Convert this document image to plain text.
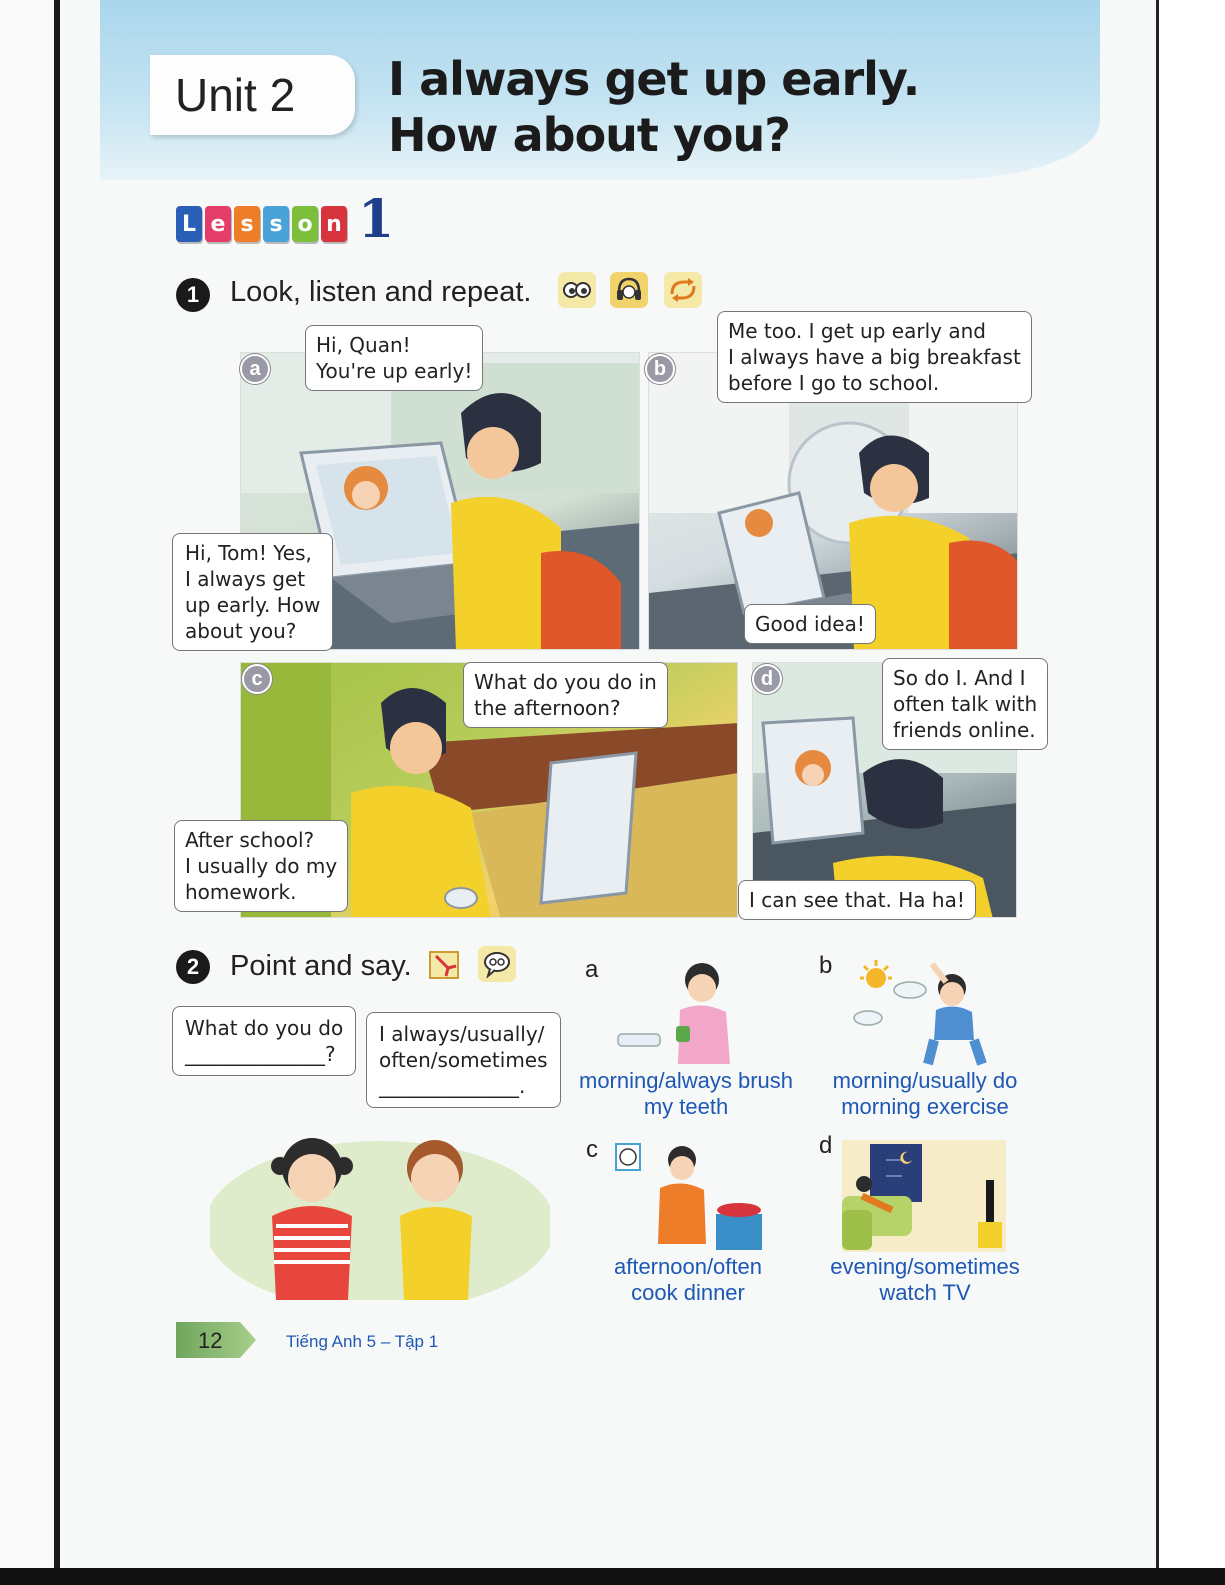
Unit 2 I always get up early.
How about you?
L e s s o n 1
1	Look, listen and repeat.
a
Hi, Quan!
You're up early!
Hi, Tom! Yes,
I always get
up early. How
about you?
b
Me too. I get up early and
I always have a big breakfast
before I go to school.
Good idea!
c	What do you do in
the afternoon?
After school?
I usually do my
homework.
d	So do I. And I
often talk with
friends online.
I can see that. Ha ha!
2	Point and say.
What do you do
______________?
I always/usually/
often/sometimes
______________.
a
morning/always brush
my teeth
b
morning/usually do
morning exercise
c
afternoon/often
cook dinner
d
evening/sometimes
watch TV
12	Tiếng Anh 5 – Tập 1
